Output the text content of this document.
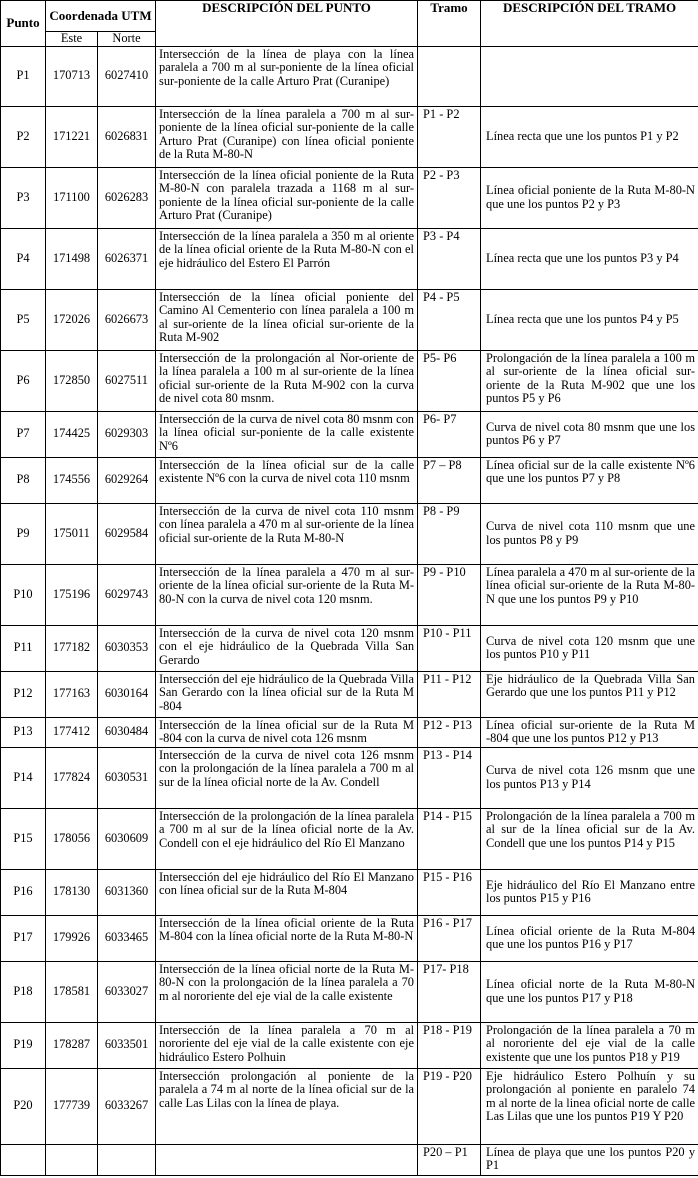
Punto	Coordenada UTM		DESCRIPCIÓN DEL PUNTO	Tramo	DESCRIPCIÓN DEL TRAMO
	Este	Norte			
P1	170713	6027410	Intersección de la línea de playa con la línea paralela a 700 m al sur-poniente de la línea oficial sur-poniente de la calle Arturo Prat (Curanipe)		
P2	171221	6026831	Intersección de la línea paralela a 700 m al sur-poniente de la línea oficial sur-poniente de la calle Arturo Prat (Curanipe) con línea oficial poniente de la Ruta M-80-N	P1 - P2	Línea recta que une los puntos P1 y P2
P3	171100	6026283	Intersección de la línea oficial poniente de la Ruta M-80-N con paralela trazada a 1168 m al sur-poniente de la línea oficial sur-poniente de la calle Arturo Prat (Curanipe)	P2 - P3	Línea oficial poniente de la Ruta M-80-N que une los puntos P2 y P3
P4	171498	6026371	Intersección de la línea paralela a 350 m al oriente de la línea oficial oriente de la Ruta M-80-N con el eje hidráulico del Estero El Parrón	P3 - P4	Línea recta que une los puntos P3 y P4
P5	172026	6026673	Intersección de la línea oficial poniente del Camino Al Cementerio con línea paralela a 100 m al sur-oriente de la línea oficial sur-oriente de la Ruta M-902	P4 - P5	Línea recta que une los puntos P4 y P5
P6	172850	6027511	Intersección de la prolongación al Nor-oriente de la línea paralela a 100 m al sur-oriente de la línea oficial sur-oriente de la Ruta M-902 con la curva de nivel cota 80 msnm.	P5- P6	Prolongación de la línea paralela a 100 m al sur-oriente de la línea oficial sur-oriente de la Ruta M-902 que une los puntos P5 y P6
P7	174425	6029303	Intersección de la curva de nivel cota 80 msnm con la línea oficial sur-poniente de la calle existente Nº6	P6- P7	Curva de nivel cota 80 msnm que une los puntos P6 y P7
P8	174556	6029264	Intersección de la línea oficial sur de la calle existente Nº6 con la curva de nivel cota 110 msnm	P7 – P8	Línea oficial sur de la calle existente Nº6 que une los puntos P7 y P8
P9	175011	6029584	Intersección de la curva de nivel cota 110 msnm con línea paralela a 470 m al sur-oriente de la línea oficial sur-oriente de la Ruta M-80-N	P8 - P9	Curva de nivel cota 110 msnm que une los puntos P8 y P9
P10	175196	6029743	Intersección de la línea paralela a 470 m al sur-oriente de la línea oficial sur-oriente de la Ruta M-80-N con la curva de nivel cota 120 msnm.	P9 - P10	Línea paralela a 470 m al sur-oriente de la línea oficial sur-oriente de la Ruta M-80-N que une los puntos P9 y P10
P11	177182	6030353	Intersección de la curva de nivel cota 120 msnm con el eje hidráulico de la Quebrada Villa San Gerardo	P10 - P11	Curva de nivel cota 120 msnm que une los puntos P10 y P11
P12	177163	6030164	Intersección del eje hidráulico de la Quebrada Villa San Gerardo con la línea oficial sur de la Ruta M -804	P11 - P12	Eje hidráulico de la Quebrada Villa San Gerardo que une los puntos P11 y P12
P13	177412	6030484	Intersección de la línea oficial sur de la Ruta M -804 con la curva de nivel cota 126 msnm	P12 - P13	Línea oficial sur-oriente de la Ruta M -804 que une los puntos P12 y P13
P14	177824	6030531	Intersección de la curva de nivel cota 126 msnm con la prolongación de la línea paralela a 700 m al sur de la línea oficial norte de la Av. Condell	P13 - P14	Curva de nivel cota 126 msnm que une los puntos P13 y P14
P15	178056	6030609	Intersección de la prolongación de la línea paralela a 700 m al sur de la línea oficial norte de la Av. Condell con el eje hidráulico del Río El Manzano	P14 - P15	Prolongación de la línea paralela a 700 m al sur de la línea oficial sur de la Av. Condell que une los puntos P14 y P15
P16	178130	6031360	Intersección del eje hidráulico del Río El Manzano con línea oficial sur de la Ruta M-804	P15 - P16	Eje hidráulico del Río El Manzano entre los puntos P15 y P16
P17	179926	6033465	Intersección de la línea oficial oriente de la Ruta M-804 con la línea oficial norte de la Ruta M-80-N	P16 - P17	Línea oficial oriente de la Ruta M-804 que une los puntos P16 y P17
P18	178581	6033027	Intersección de la línea oficial norte de la Ruta M-80-N con la prolongación de la línea paralela a 70 m al nororiente del eje vial de la calle existente	P17- P18	Línea oficial norte de la Ruta M-80-N que une los puntos P17 y P18
P19	178287	6033501	Intersección de la línea paralela a 70 m al nororiente del eje vial de la calle existente con eje hidráulico Estero Polhuin	P18 - P19	Prolongación de la línea paralela a 70 m al nororiente del eje vial de la calle existente que une los puntos P18 y P19
P20	177739	6033267	Intersección prolongación al poniente de la paralela a 74 m al norte de la línea oficial sur de la calle Las Lilas con la línea de playa.	P19 - P20	Eje hidráulico Estero Polhuín y su prolongación al poniente en paralelo 74 m al norte de la linea oficial norte de calle Las Lilas que une los puntos P19 Y P20
				P20 – P1	Línea de playa que une los puntos P20 y P1
